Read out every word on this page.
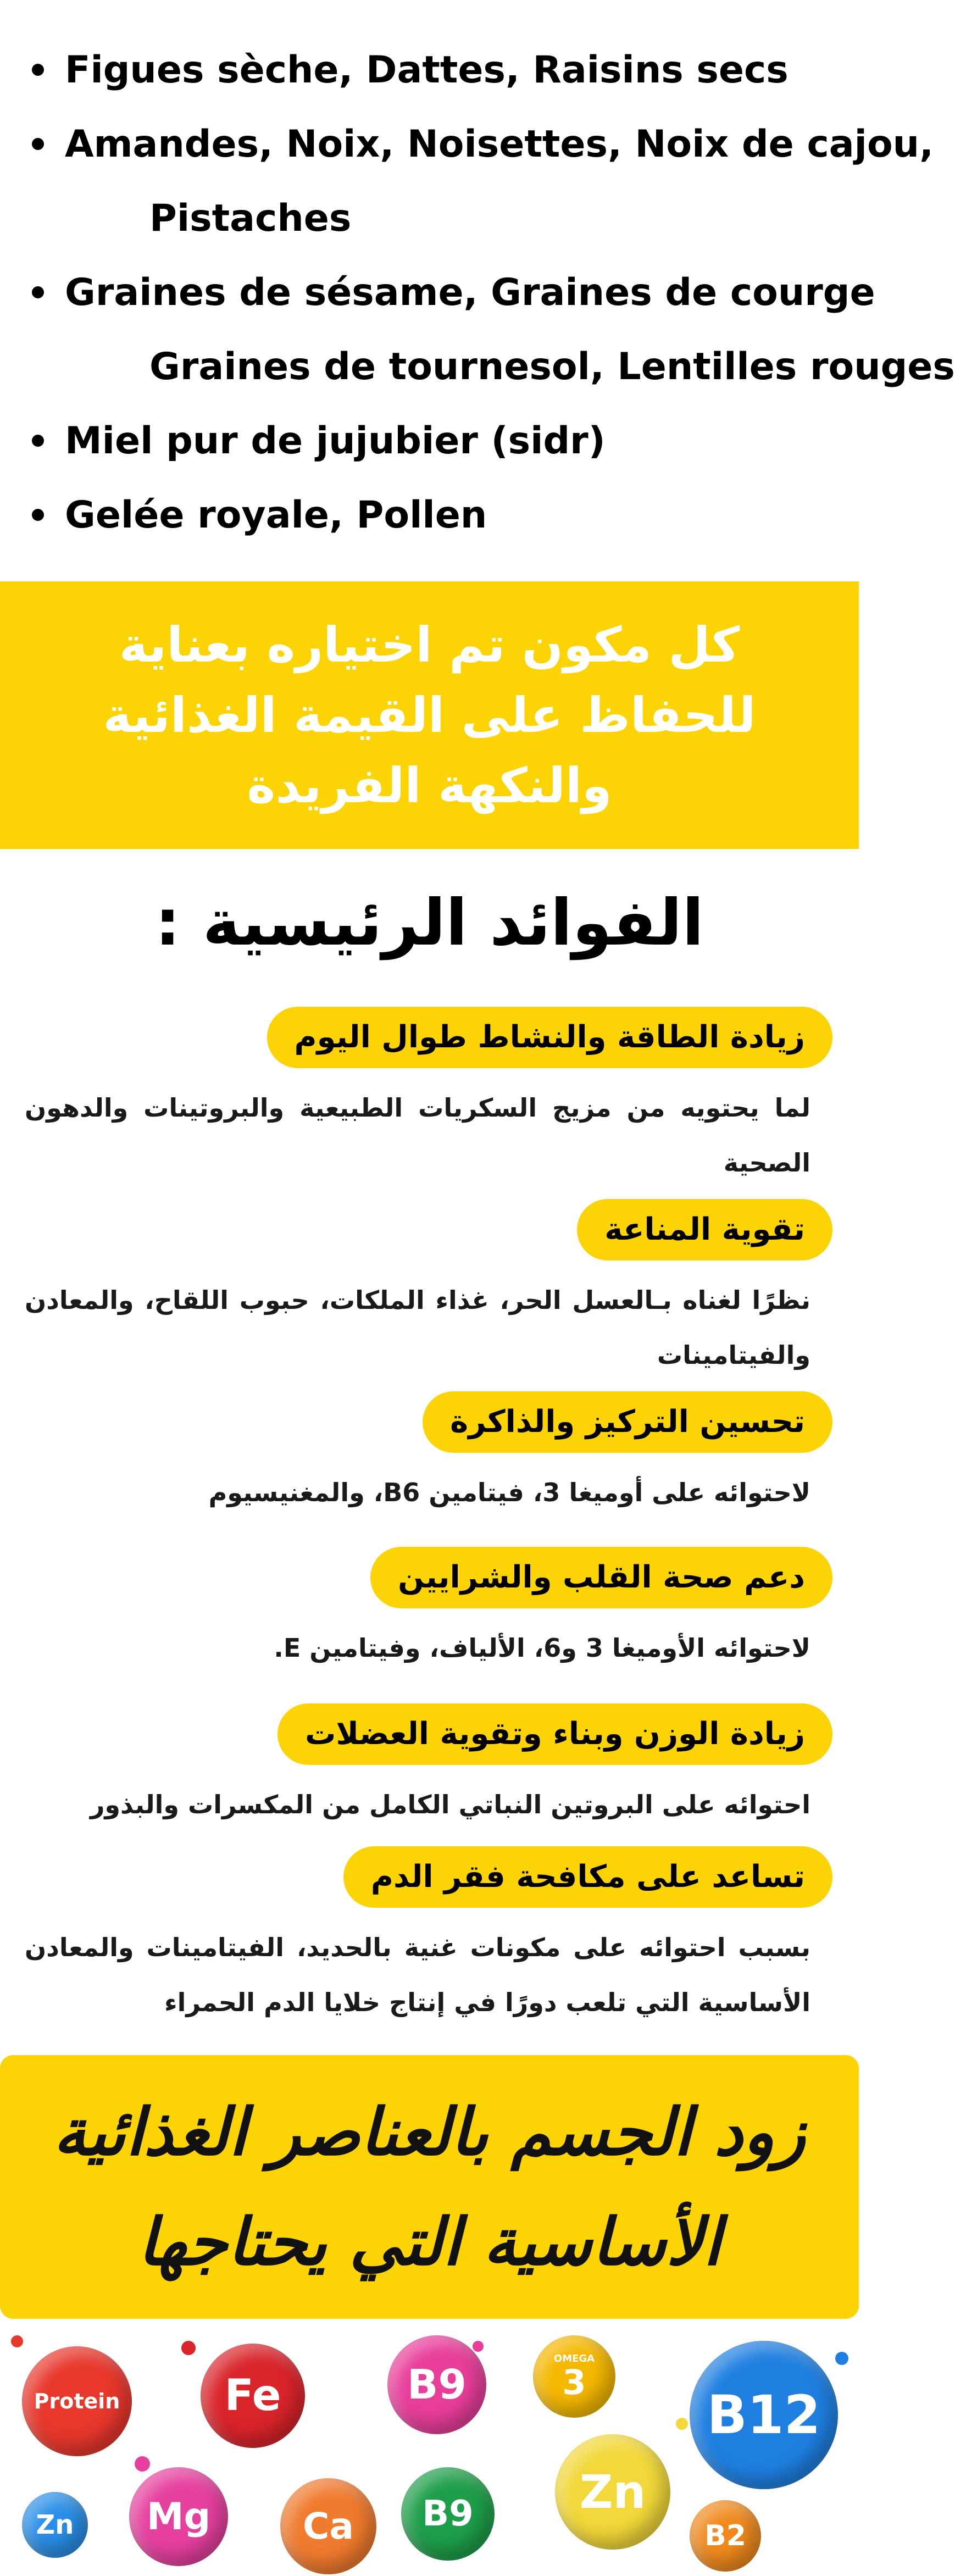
Figues sèche, Dattes, Raisins secs
Amandes, Noix, Noisettes, Noix de cajou,
Pistaches
Graines de sésame, Graines de courge
Graines de tournesol, Lentilles rouges
Miel pur de jujubier (sidr)
Gelée royale, Pollen
كل مكون تم اختياره بعناية للحفاظ على القيمة الغذائية والنكهة الفريدة
الفوائد الرئيسية :
زيادة الطاقة والنشاط طوال اليوم
لما يحتويه من مزيج السكريات الطبيعية والبروتينات والدهون الصحية
تقوية المناعة
نظرًا لغناه بـالعسل الحر، غذاء الملكات، حبوب اللقاح، والمعادن والفيتامينات
تحسين التركيز والذاكرة
لاحتوائه على أوميغا 3، فيتامين B6، والمغنيسيوم
دعم صحة القلب والشرايين
لاحتوائه الأوميغا 3 و6، الألياف، وفيتامين E.
زيادة الوزن وبناء وتقوية العضلات
احتوائه على البروتين النباتي الكامل من المكسرات والبذور
تساعد على مكافحة فقر الدم
بسبب احتوائه على مكونات غنية بالحديد، الفيتامينات والمعادن الأساسية التي تلعب دورًا في إنتاج خلايا الدم الحمراء
زود الجسم بالعناصر الغذائية الأساسية التي يحتاجها
Protein Fe	B9
OMEGA
3
B12
Zn Mg	Ca B9 Zn
B2
